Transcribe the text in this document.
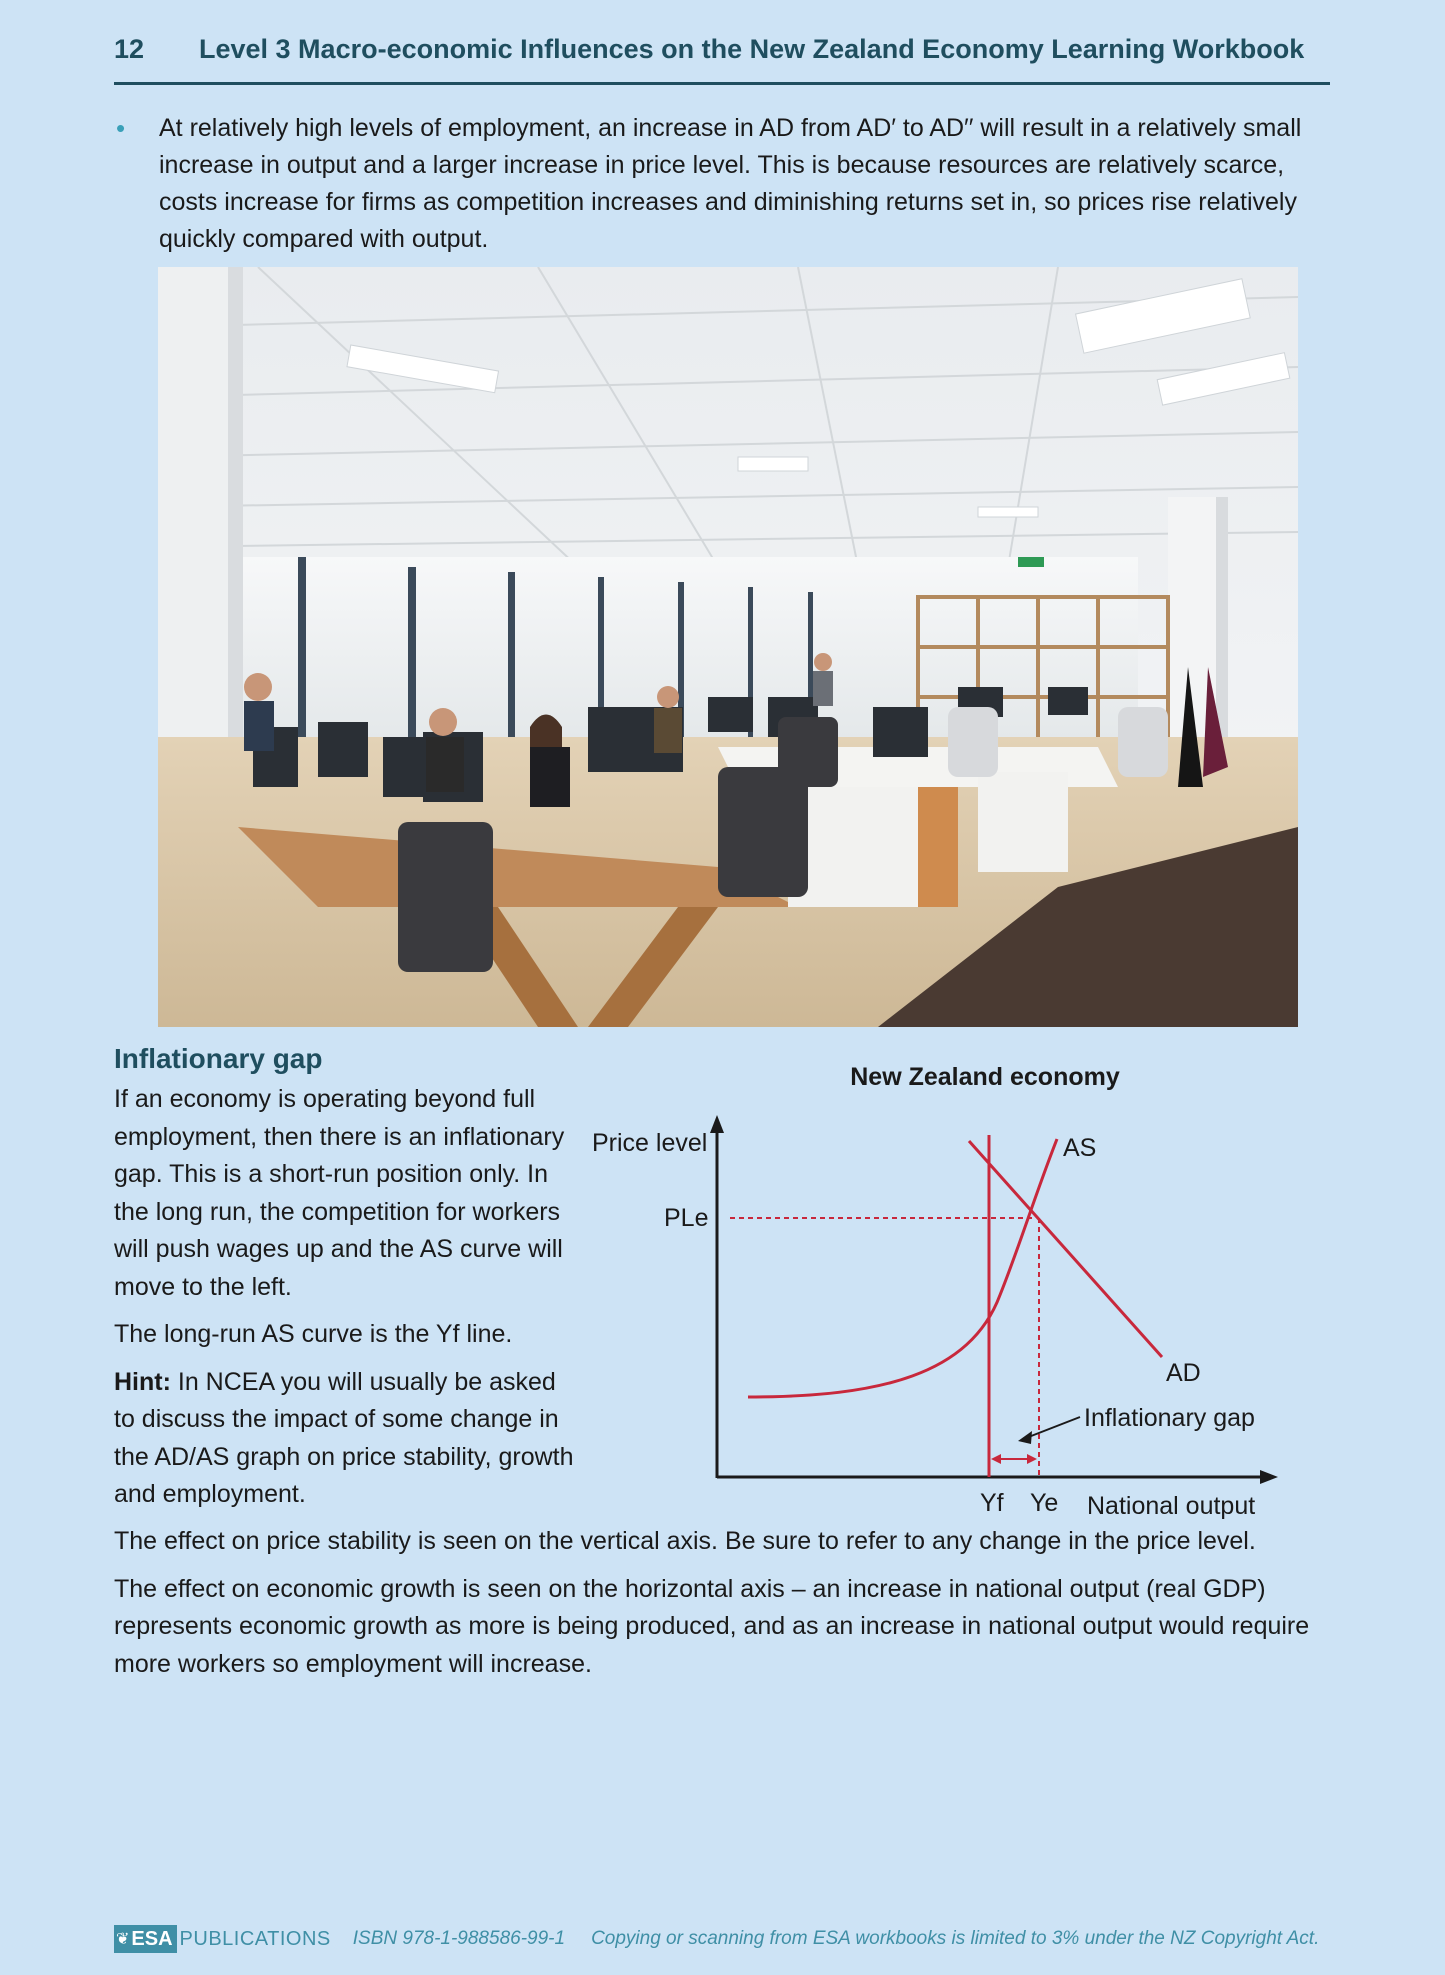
12	Level 3 Macro-economic Influences on the New Zealand Economy Learning Workbook
• At relatively high levels of employment, an increase in AD from AD′ to AD′′ will result in a relatively small increase in output and a larger increase in price level. This is because resources are relatively scarce, costs increase for firms as competition increases and diminishing returns set in, so prices rise relatively quickly compared with output.
Inflationary gap

If an economy is operating beyond full employment, then there is an inflationary gap. This is a short-run position only. In the long run, the competition for workers will push wages up and the AS curve will move to the left.

The long-run AS curve is the Yf line.

Hint: In NCEA you will usually be asked to discuss the impact of some change in the AD/AS graph on price stability, growth and employment.

New Zealand economy
Price level
National output
AS
AD
PLe
Yf Ye
Inflationary gap

The effect on price stability is seen on the vertical axis. Be sure to refer to any change in the price level.

The effect on economic growth is seen on the horizontal axis – an increase in national output (real GDP) represents economic growth as more is being produced, and as an increase in national output would require more workers so employment will increase.

❦ ESA PUBLICATIONS ISBN 978-1-988586-99-1 Copying or scanning from ESA workbooks is limited to 3% under the NZ Copyright Act.
